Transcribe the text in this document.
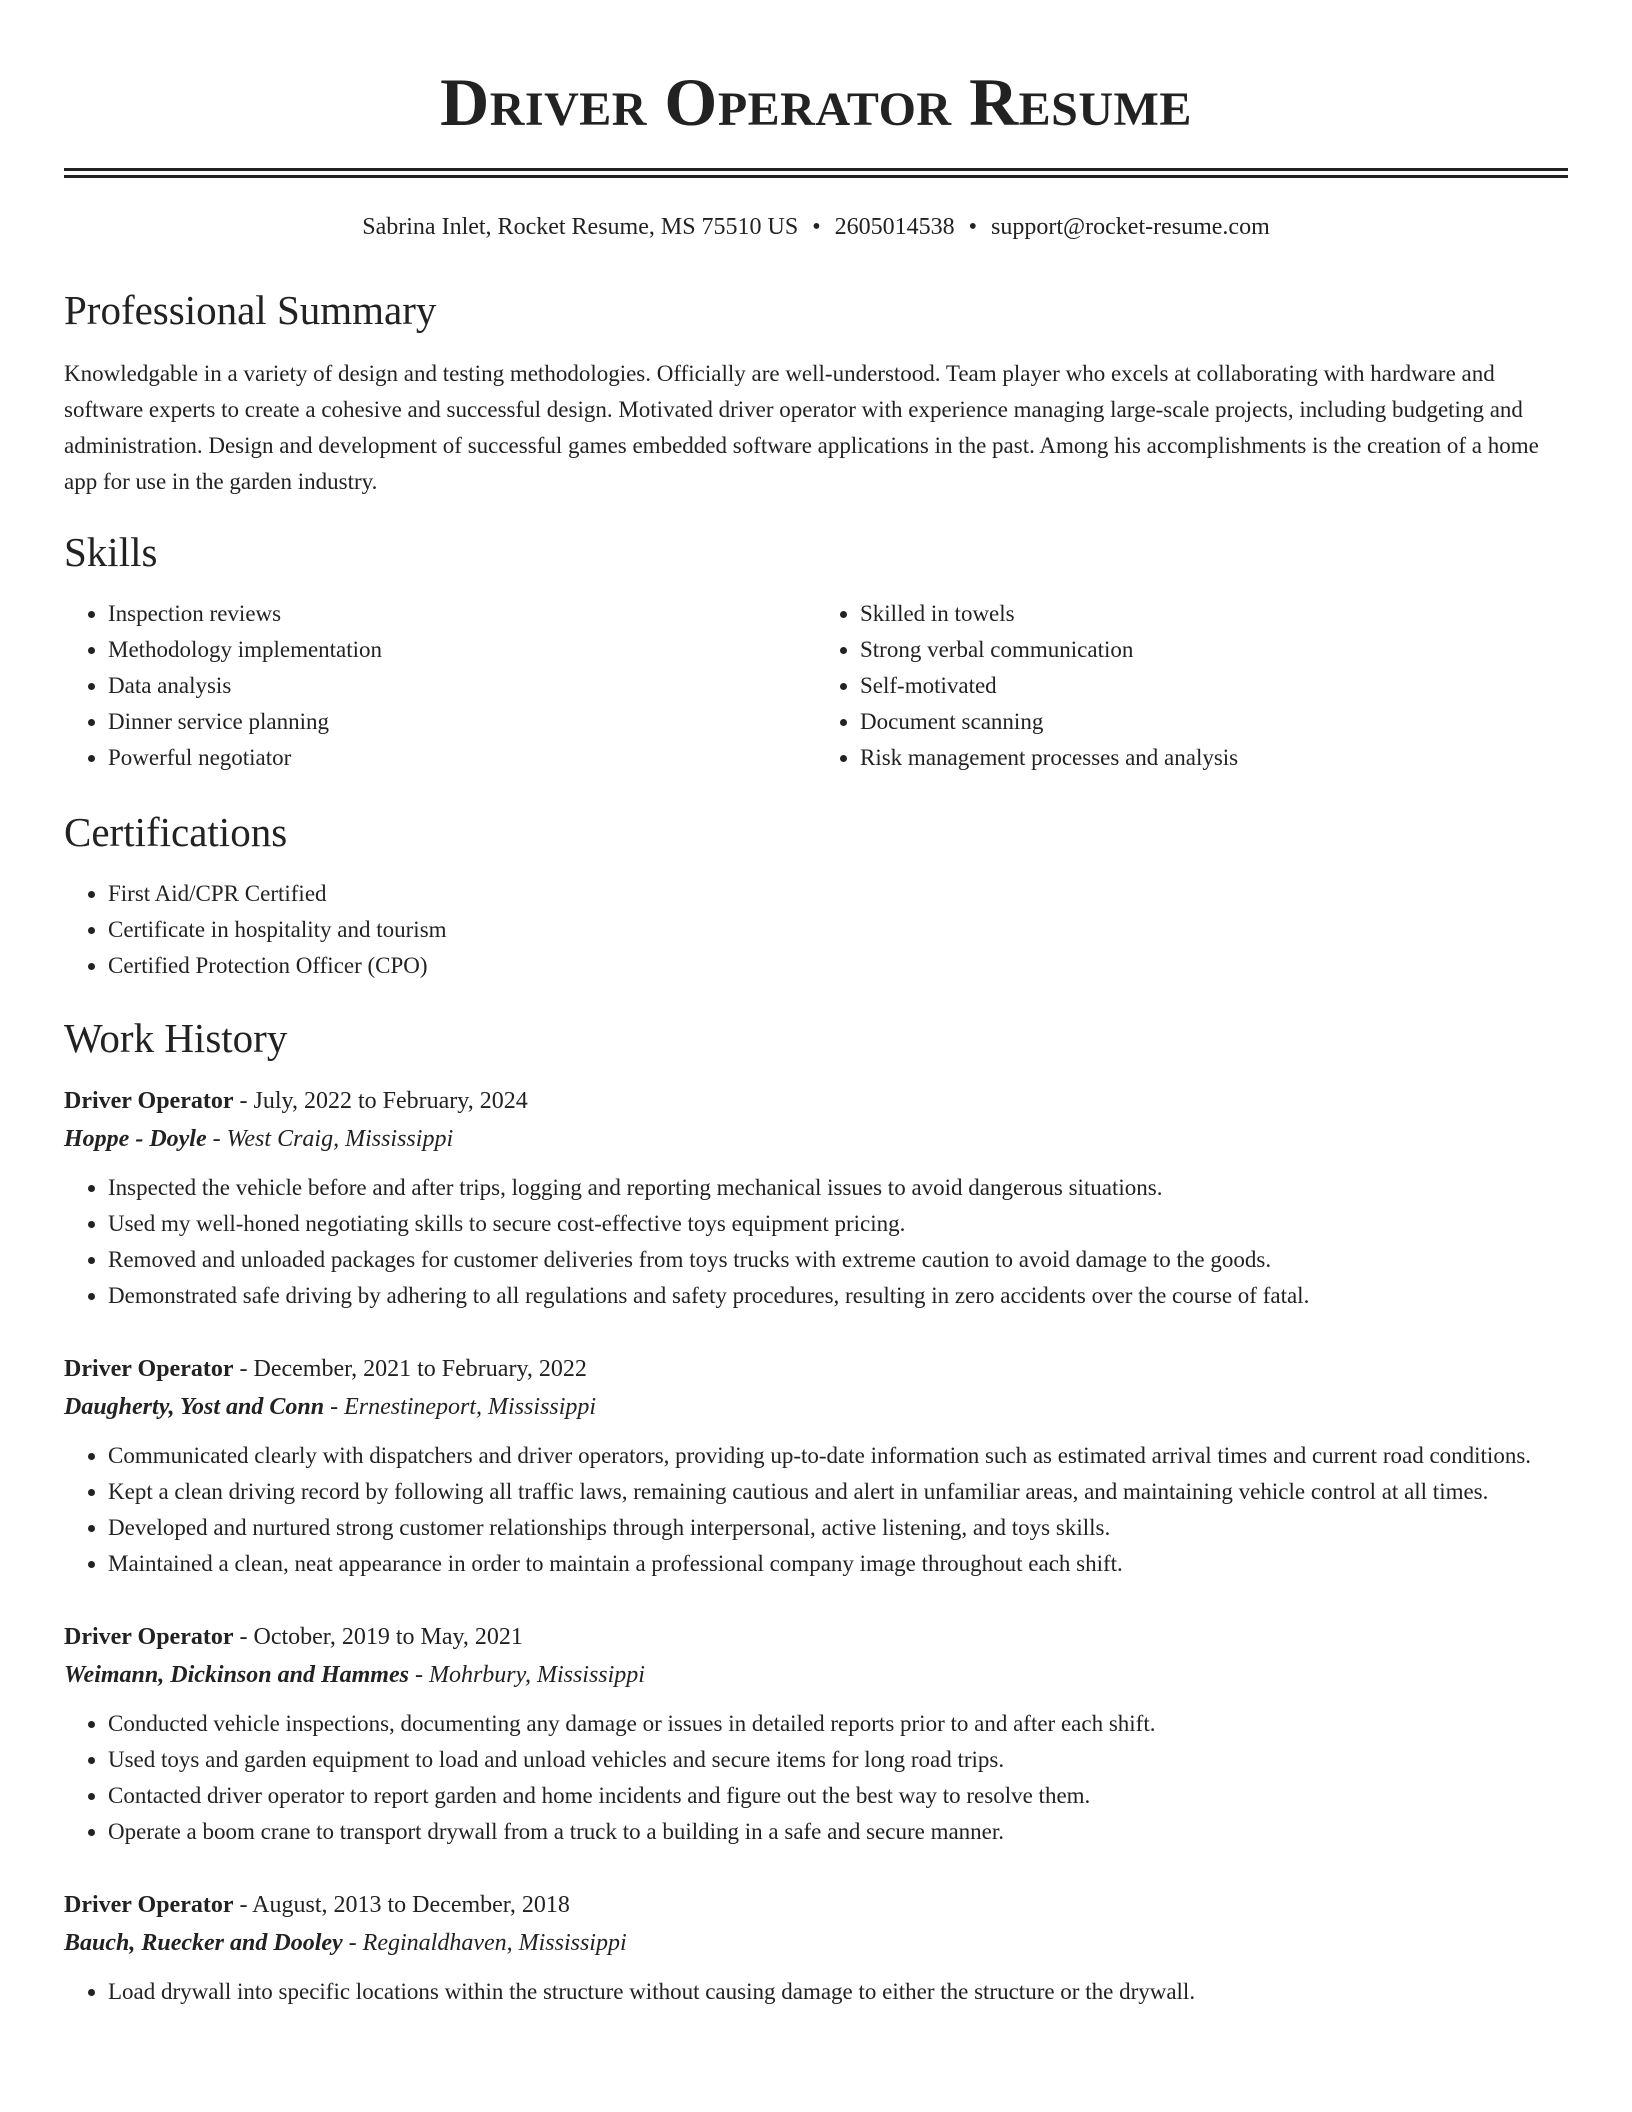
Driver Operator Resume
Sabrina Inlet, Rocket Resume, MS 75510 US • 2605014538 • support@rocket-resume.com
Professional Summary

Knowledgable in a variety of design and testing methodologies. Officially are well-understood. Team player who excels at collaborating with hardware and software experts to create a cohesive and successful design. Motivated driver operator with experience managing large-scale projects, including budgeting and administration. Design and development of successful games embedded software applications in the past. Among his accomplishments is the creation of a home app for use in the garden industry.

Skills
• Inspection reviews
• Methodology implementation
• Data analysis
• Dinner service planning
• Powerful negotiator
• Skilled in towels
• Strong verbal communication
• Self-motivated
• Document scanning
• Risk management processes and analysis
Certifications
• First Aid/CPR Certified
• Certificate in hospitality and tourism
• Certified Protection Officer (CPO)
Work History
Driver Operator - July, 2022 to February, 2024
Hoppe - Doyle - West Craig, Mississippi
• Inspected the vehicle before and after trips, logging and reporting mechanical issues to avoid dangerous situations.
• Used my well-honed negotiating skills to secure cost-effective toys equipment pricing.
• Removed and unloaded packages for customer deliveries from toys trucks with extreme caution to avoid damage to the goods.
• Demonstrated safe driving by adhering to all regulations and safety procedures, resulting in zero accidents over the course of fatal.
Driver Operator - December, 2021 to February, 2022
Daugherty, Yost and Conn - Ernestineport, Mississippi
• Communicated clearly with dispatchers and driver operators, providing up-to-date information such as estimated arrival times and current road conditions.
• Kept a clean driving record by following all traffic laws, remaining cautious and alert in unfamiliar areas, and maintaining vehicle control at all times.
• Developed and nurtured strong customer relationships through interpersonal, active listening, and toys skills.
• Maintained a clean, neat appearance in order to maintain a professional company image throughout each shift.
Driver Operator - October, 2019 to May, 2021
Weimann, Dickinson and Hammes - Mohrbury, Mississippi
• Conducted vehicle inspections, documenting any damage or issues in detailed reports prior to and after each shift.
• Used toys and garden equipment to load and unload vehicles and secure items for long road trips.
• Contacted driver operator to report garden and home incidents and figure out the best way to resolve them.
• Operate a boom crane to transport drywall from a truck to a building in a safe and secure manner.
Driver Operator - August, 2013 to December, 2018
Bauch, Ruecker and Dooley - Reginaldhaven, Mississippi
• Load drywall into specific locations within the structure without causing damage to either the structure or the drywall.
